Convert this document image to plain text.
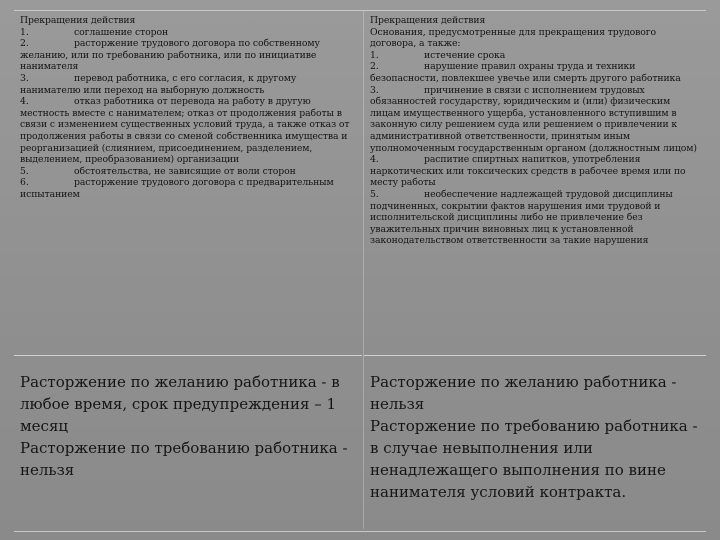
Прекращения действия

1.	соглашение сторон

2.	расторжение трудового договора по собственному желанию, или по требованию работника, или по инициативе нанимателя

3.	перевод работника, с его согласия, к другому нанимателю или переход на выборную должность

4.	отказ работника от перевода на работу в другую местность вместе с нанимателем; отказ от продолжения работы в связи с изменением существенных условий труда, а также отказ от продолжения работы в связи со сменой собственника имущества и реорганизацией (слиянием, присоединением, разделением, выделением, преобразованием) организации

5.	обстоятельства, не зависящие от воли сторон

6.	расторжение трудового договора с предварительным испытанием

Прекращения действия

Основания, предусмотренные для прекращения трудового договора, а также:

1.	истечение срока

2.	нарушение правил охраны труда и техники безопасности, повлекшее увечье или смерть другого работника

3.	причинение в связи с исполнением трудовых обязанностей государству, юридическим и (или) физическим лицам имущественного ущерба, установленного вступившим в законную силу решением суда или решением о привлечении к административной ответственности, принятым иным уполномоченным государственным органом (должностным лицом)

4.	распитие спиртных напитков, употребления наркотических или токсических средств в рабочее время или по месту работы

5.	необеспечение надлежащей трудовой дисциплины подчиненных, сокрытии фактов нарушения ими трудовой и исполнительской дисциплины либо не привлечение без уважительных причин виновных лиц к установленной законодательством ответственности за такие нарушения

Расторжение по желанию работника - в любое время, срок предупреждения – 1 месяц

Расторжение по требованию работника - нельзя

Расторжение по желанию работника - нельзя

Расторжение по требованию работника - в случае невыполнения или ненадлежащего выполнения по вине нанимателя условий контракта.
